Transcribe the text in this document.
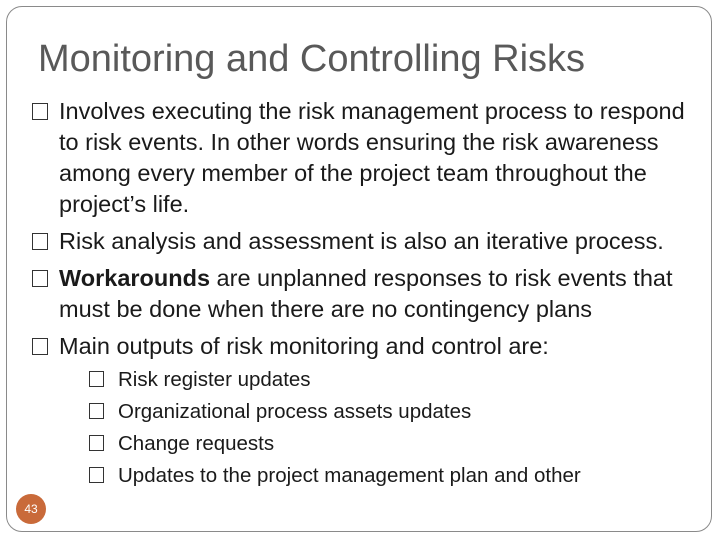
Monitoring and Controlling Risks
Involves executing the risk management process to respond to risk events. In other words ensuring the risk awareness among every member of the project team throughout the project’s life.
Risk analysis and assessment is also an iterative process.
Workarounds are unplanned responses to risk events that must be done when there are no contingency plans
Main outputs of risk monitoring and control are:
Risk register updates
Organizational process assets updates
Change requests
Updates to the project management plan and other
43
